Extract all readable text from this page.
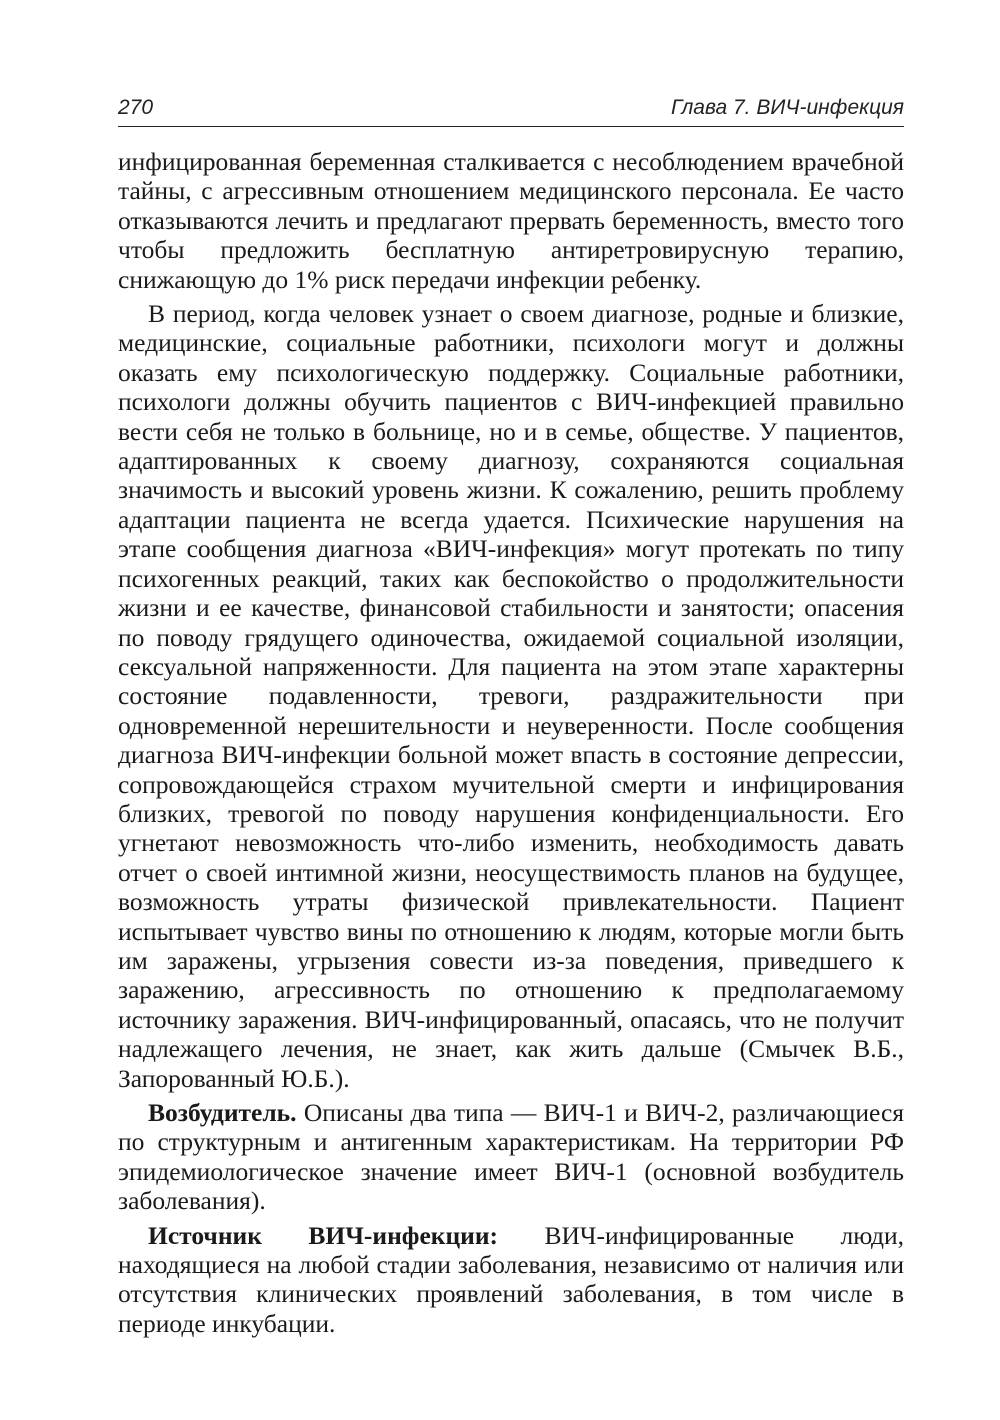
270	Глава 7. ВИЧ-инфекция

инфицированная беременная сталкивается с несоблюдением врачебной тайны, с агрессивным отношением медицинского персонала. Ее часто отказываются лечить и предлагают прервать беременность, вместо того чтобы предложить бесплатную антиретровирусную терапию, снижающую до 1% риск передачи инфекции ребенку.

В период, когда человек узнает о своем диагнозе, родные и близкие, медицинские, социальные работники, психологи могут и должны оказать ему психологическую поддержку. Социальные работники, психологи должны обучить пациентов с ВИЧ-инфекцией правильно вести себя не только в больнице, но и в семье, обществе. У пациентов, адаптированных к своему диагнозу, сохраняются социальная значимость и высокий уровень жизни. К сожалению, решить проблему адаптации пациента не всегда удается. Психические нарушения на этапе сообщения диагноза «ВИЧ-инфекция» могут протекать по типу психогенных реакций, таких как беспокойство о продолжительности жизни и ее качестве, финансовой стабильности и занятости; опасения по поводу грядущего одиночества, ожидаемой социальной изоляции, сексуальной напряженности. Для пациента на этом этапе характерны состояние подавленности, тревоги, раздражительности при одновременной нерешительности и неуверенности. После сообщения диагноза ВИЧ-инфекции больной может впасть в состояние депрессии, сопровождающейся страхом мучительной смерти и инфицирования близких, тревогой по поводу нарушения конфиденциальности. Его угнетают невозможность что-либо изменить, необходимость давать отчет о своей интимной жизни, неосуществимость планов на будущее, возможность утраты физической привлекательности. Пациент испытывает чувство вины по отношению к людям, которые могли быть им заражены, угрызения совести из-за поведения, приведшего к заражению, агрессивность по отношению к предполагаемому источнику заражения. ВИЧ-инфицированный, опасаясь, что не получит надлежащего лечения, не знает, как жить дальше (Смычек В.Б., Запорованный Ю.Б.).

Возбудитель. Описаны два типа — ВИЧ-1 и ВИЧ-2, различающиеся по структурным и антигенным характеристикам. На территории РФ эпидемиологическое значение имеет ВИЧ-1 (основной возбудитель заболевания).

Источник ВИЧ-инфекции: ВИЧ-инфицированные люди, находящиеся на любой стадии заболевания, независимо от наличия или отсутствия клинических проявлений заболевания, в том числе в периоде инкубации.
